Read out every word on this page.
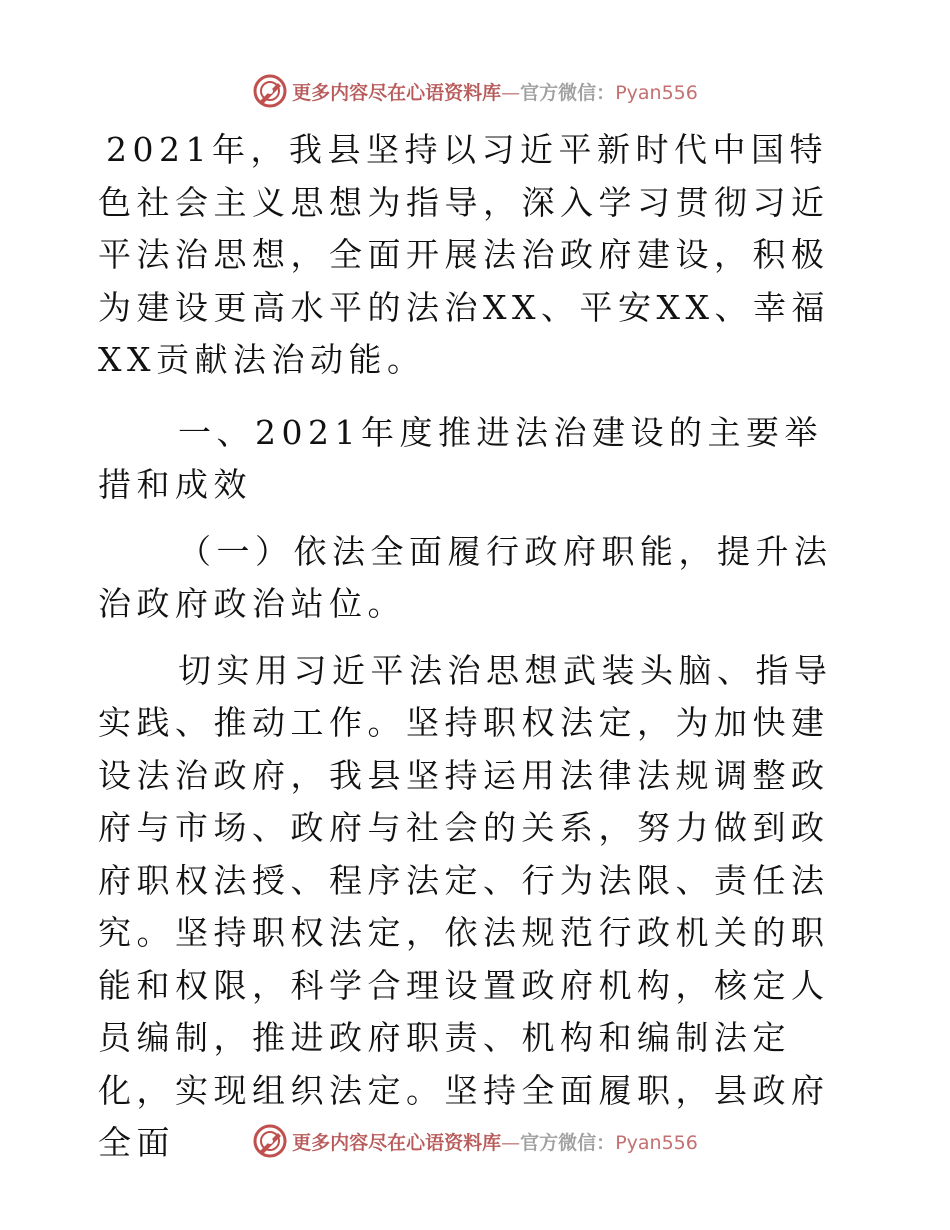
更多内容尽在心语资料库—官方微信：Pyan556

2021年，我县坚持以习近平新时代中国特色社会主义思想为指导，深入学习贯彻习近平法治思想，全面开展法治政府建设，积极为建设更高水平的法治XX、平安XX、幸福XX贡献法治动能。

一、2021年度推进法治建设的主要举措和成效

（一）依法全面履行政府职能，提升法治政府政治站位。

切实用习近平法治思想武装头脑、指导实践、推动工作。坚持职权法定，为加快建设法治政府，我县坚持运用法律法规调整政府与市场、政府与社会的关系，努力做到政府职权法授、程序法定、行为法限、责任法究。坚持职权法定，依法规范行政机关的职能和权限，科学合理设置政府机构，核定人员编制，推进政府职责、机构和编制法定化，实现组织法定。坚持全面履职，县政府全面	更多内容尽在心语资料库—官方微信：Pyan556
